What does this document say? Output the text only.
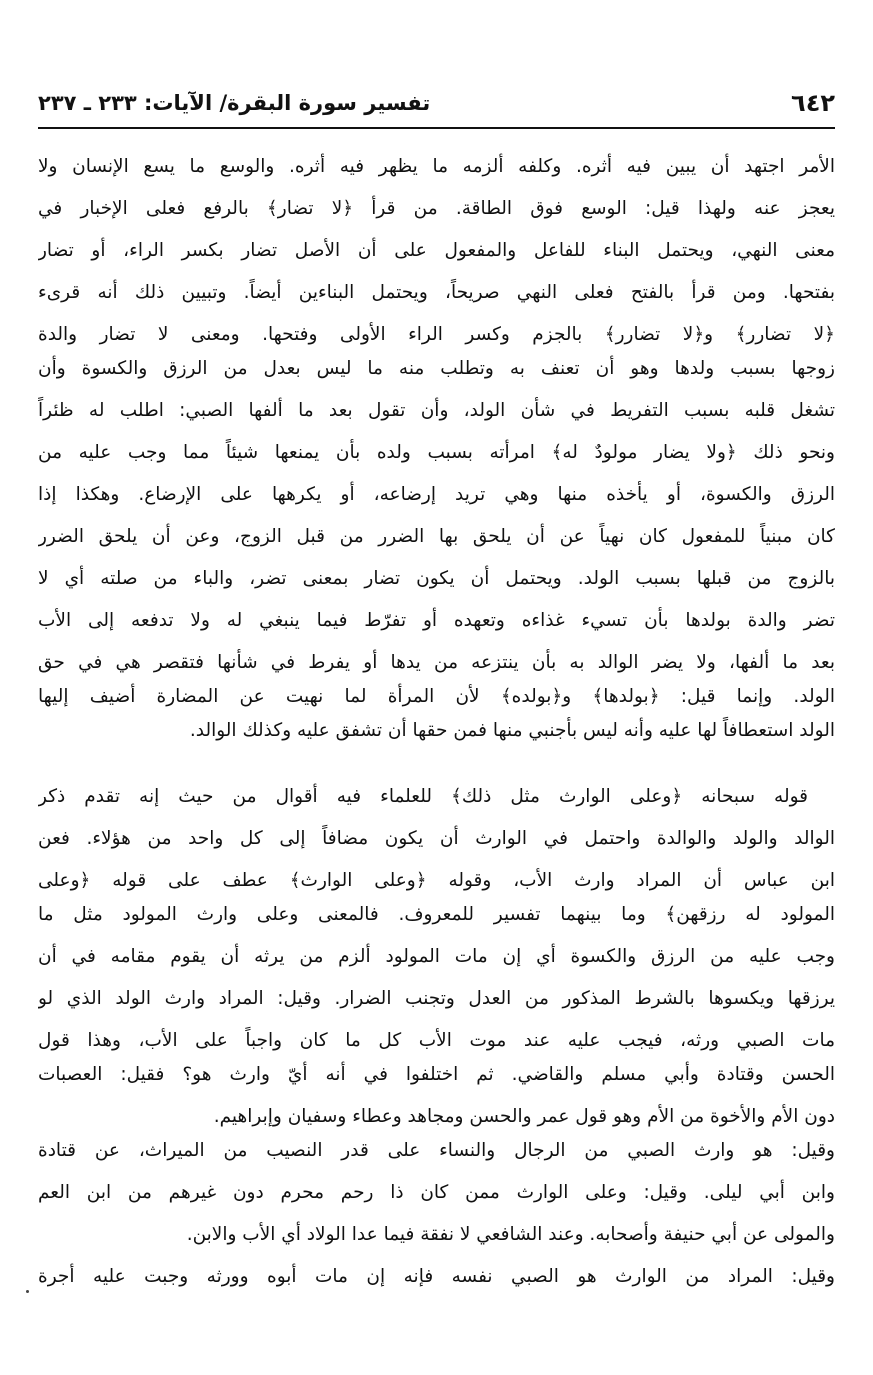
٦٤٢
تفسير سورة البقرة/ الآيات: ٢٣٣ ـ ٢٣٧
الأمر اجتهد أن يبين فيه أثره. وكلفه ألزمه ما يظهر فيه أثره. والوسع ما يسع الإنسان ولا
يعجز عنه ولهذا قيل: الوسع فوق الطاقة. من قرأ ﴿لا تضار﴾ بالرفع فعلى الإخبار في
معنى النهي، ويحتمل البناء للفاعل والمفعول على أن الأصل تضار بكسر الراء، أو تضار
بفتحها. ومن قرأ بالفتح فعلى النهي صريحاً، ويحتمل البناءين أيضاً. وتبيين ذلك أنه قرىء
﴿لا تضارر﴾ و﴿لا تضارر﴾ بالجزم وكسر الراء الأولى وفتحها. ومعنى لا تضار والدة
زوجها بسبب ولدها وهو أن تعنف به وتطلب منه ما ليس بعدل من الرزق والكسوة وأن
تشغل قلبه بسبب التفريط في شأن الولد، وأن تقول بعد ما ألفها الصبي: اطلب له ظئراً
ونحو ذلك ﴿ولا يضار مولودٌ له﴾ امرأته بسبب ولده بأن يمنعها شيئاً مما وجب عليه من
الرزق والكسوة، أو يأخذه منها وهي تريد إرضاعه، أو يكرهها على الإرضاع. وهكذا إذا
كان مبنياً للمفعول كان نهياً عن أن يلحق بها الضرر من قبل الزوج، وعن أن يلحق الضرر
بالزوج من قبلها بسبب الولد. ويحتمل أن يكون تضار بمعنى تضر، والباء من صلته أي لا
تضر والدة بولدها بأن تسيء غذاءه وتعهده أو تفرّط فيما ينبغي له ولا تدفعه إلى الأب
بعد ما ألفها، ولا يضر الوالد به بأن ينتزعه من يدها أو يفرط في شأنها فتقصر هي في حق
الولد. وإنما قيل: ﴿بولدها﴾ و﴿بولده﴾ لأن المرأة لما نهيت عن المضارة أضيف إليها
الولد استعطافاً لها عليه وأنه ليس بأجنبي منها فمن حقها أن تشفق عليه وكذلك الوالد.
قوله سبحانه ﴿وعلى الوارث مثل ذلك﴾ للعلماء فيه أقوال من حيث إنه تقدم ذكر
الوالد والولد والوالدة واحتمل في الوارث أن يكون مضافاً إلى كل واحد من هؤلاء. فعن
ابن عباس أن المراد وارث الأب، وقوله ﴿وعلى الوارث﴾ عطف على قوله ﴿وعلى
المولود له رزقهن﴾ وما بينهما تفسير للمعروف. فالمعنى وعلى وارث المولود مثل ما
وجب عليه من الرزق والكسوة أي إن مات المولود ألزم من يرثه أن يقوم مقامه في أن
يرزقها ويكسوها بالشرط المذكور من العدل وتجنب الضرار. وقيل: المراد وارث الولد الذي لو
مات الصبي ورثه، فيجب عليه عند موت الأب كل ما كان واجباً على الأب، وهذا قول
الحسن وقتادة وأبي مسلم والقاضي. ثم اختلفوا في أنه أيّ وارث هو؟ فقيل: العصبات
دون الأم والأخوة من الأم وهو قول عمر والحسن ومجاهد وعطاء وسفيان وإبراهيم.
وقيل: هو وارث الصبي من الرجال والنساء على قدر النصيب من الميراث، عن قتادة
وابن أبي ليلى. وقيل: وعلى الوارث ممن كان ذا رحم محرم دون غيرهم من ابن العم
والمولى عن أبي حنيفة وأصحابه. وعند الشافعي لا نفقة فيما عدا الولاد أي الأب والابن.
وقيل: المراد من الوارث هو الصبي نفسه فإنه إن مات أبوه وورثه وجبت عليه أجرة
